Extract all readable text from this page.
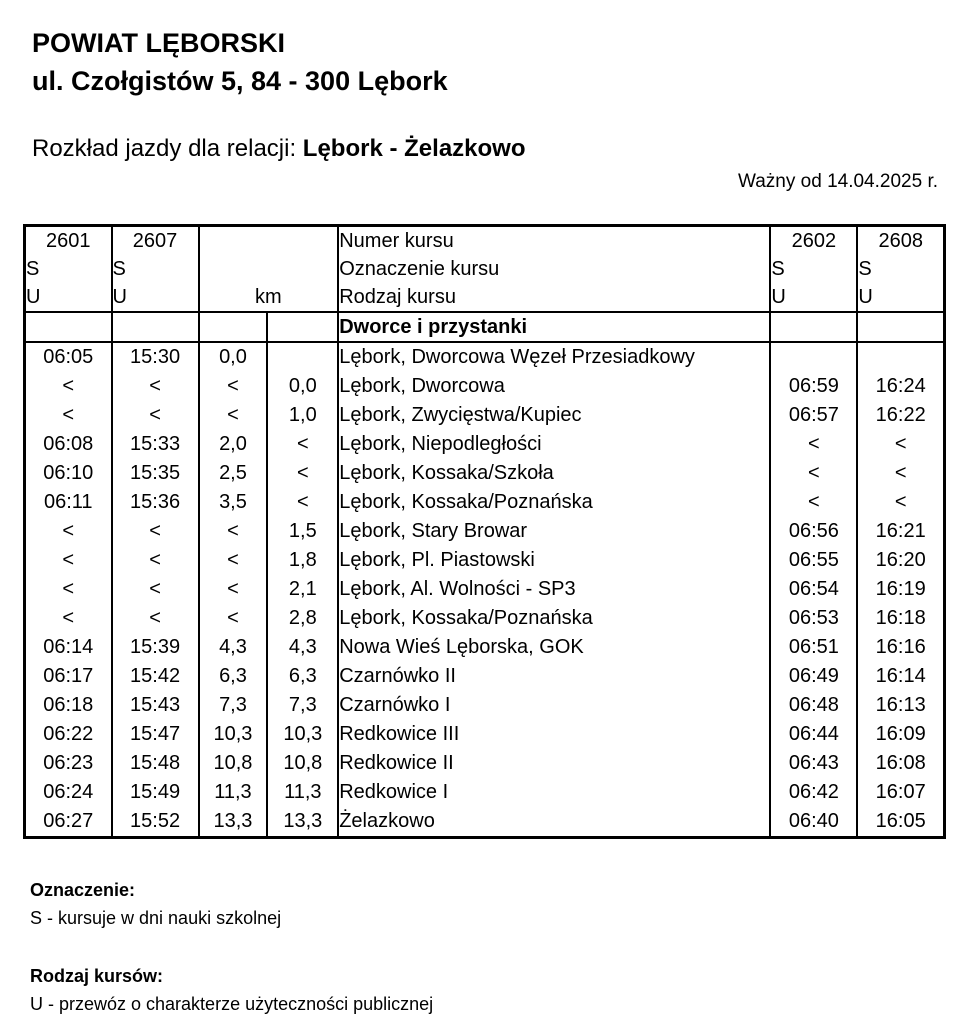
POWIAT LĘBORSKI
ul. Czołgistów 5, 84 - 300 Lębork
Rozkład jazdy dla relacji: Lębork - Żelazkowo
Ważny od 14.04.2025 r.
2601	2607			Numer kursu	2602	2608
S	S			Oznaczenie kursu	S	S
U	U	km		Rodzaj kursu	U	U
				Dworce i przystanki		
06:05	15:30	0,0		Lębork, Dworcowa Węzeł Przesiadkowy		
<	<	<	0,0	Lębork, Dworcowa	06:59	16:24
<	<	<	1,0	Lębork, Zwycięstwa/Kupiec	06:57	16:22
06:08	15:33	2,0	<	Lębork, Niepodległości	<	<
06:10	15:35	2,5	<	Lębork, Kossaka/Szkoła	<	<
06:11	15:36	3,5	<	Lębork, Kossaka/Poznańska	<	<
<	<	<	1,5	Lębork, Stary Browar	06:56	16:21
<	<	<	1,8	Lębork, Pl. Piastowski	06:55	16:20
<	<	<	2,1	Lębork, Al. Wolności - SP3	06:54	16:19
<	<	<	2,8	Lębork, Kossaka/Poznańska	06:53	16:18
06:14	15:39	4,3	4,3	Nowa Wieś Lęborska, GOK	06:51	16:16
06:17	15:42	6,3	6,3	Czarnówko II	06:49	16:14
06:18	15:43	7,3	7,3	Czarnówko I	06:48	16:13
06:22	15:47	10,3	10,3	Redkowice III	06:44	16:09
06:23	15:48	10,8	10,8	Redkowice II	06:43	16:08
06:24	15:49	11,3	11,3	Redkowice I	06:42	16:07
06:27	15:52	13,3	13,3	Żelazkowo	06:40	16:05
Oznaczenie:
S - kursuje w dni nauki szkolnej
Rodzaj kursów:
U - przewóz o charakterze użyteczności publicznej
